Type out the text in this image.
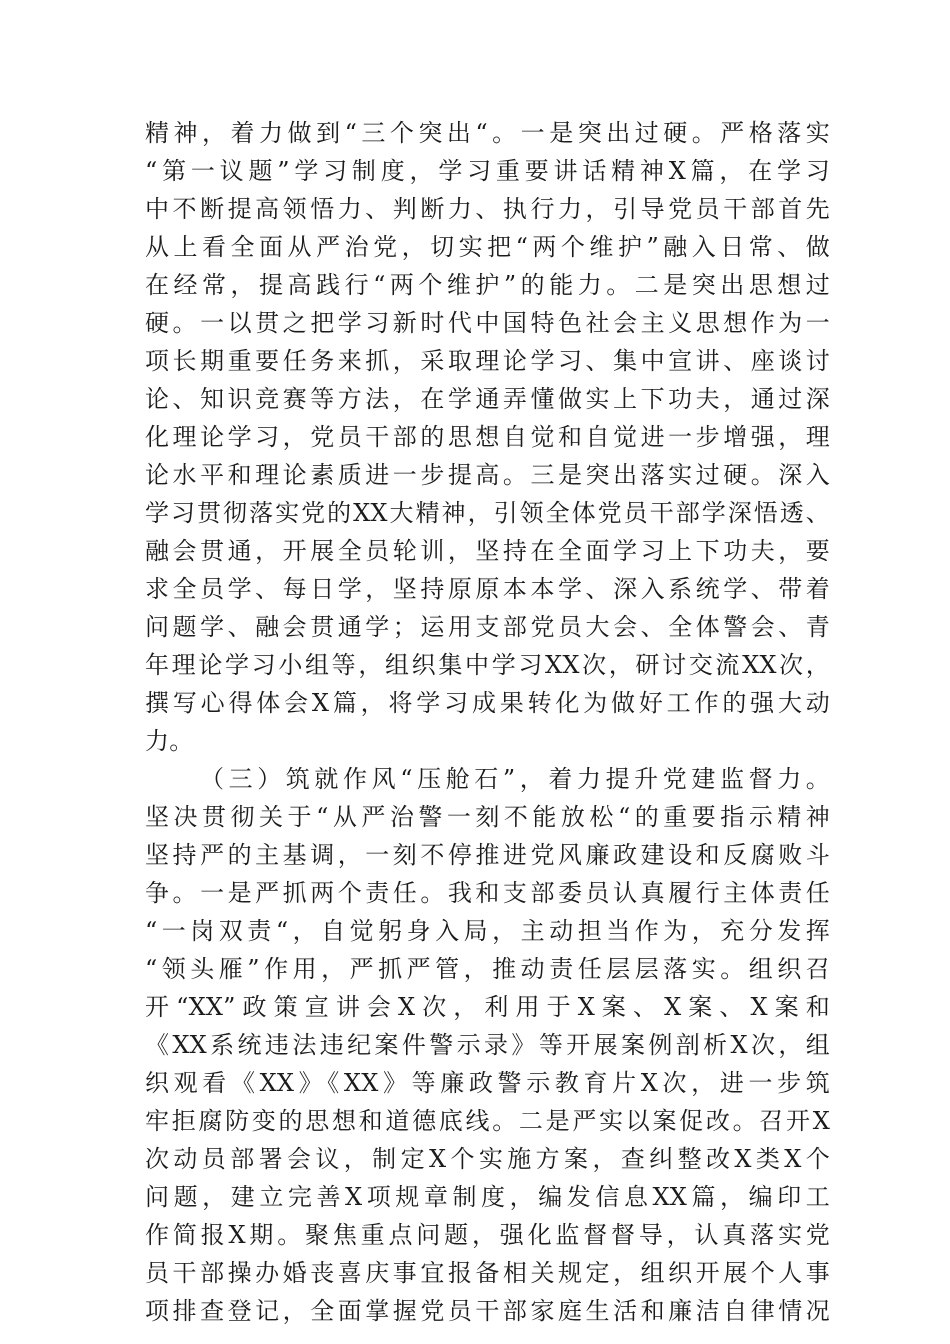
精神，着力做到“三个突出“。一是突出过硬。严格落实
“第一议题”学习制度，学习重要讲话精神X篇，在学习
中不断提高领悟力、判断力、执行力，引导党员干部首先
从上看全面从严治党，切实把“两个维护”融入日常、做
在经常，提高践行“两个维护”的能力。二是突出思想过
硬。一以贯之把学习新时代中国特色社会主义思想作为一
项长期重要任务来抓，采取理论学习、集中宣讲、座谈讨
论、知识竞赛等方法，在学通弄懂做实上下功夫，通过深
化理论学习，党员干部的思想自觉和自觉进一步增强，理
论水平和理论素质进一步提高。三是突出落实过硬。深入
学习贯彻落实党的XX大精神，引领全体党员干部学深悟透、
融会贯通，开展全员轮训，坚持在全面学习上下功夫，要
求全员学、每日学，坚持原原本本学、深入系统学、带着
问题学、融会贯通学；运用支部党员大会、全体警会、青
年理论学习小组等，组织集中学习XX次，研讨交流XX次，
撰写心得体会X篇，将学习成果转化为做好工作的强大动
力。
（三）筑就作风“压舱石”，着力提升党建监督力。
坚决贯彻关于“从严治警一刻不能放松“的重要指示精神
坚持严的主基调，一刻不停推进党风廉政建设和反腐败斗
争。一是严抓两个责任。我和支部委员认真履行主体责任
“一岗双责“，自觉躬身入局，主动担当作为，充分发挥
“领头雁”作用，严抓严管，推动责任层层落实。组织召
开“XX”政策宣讲会X次，利用于X案、X案、X案和
《XX系统违法违纪案件警示录》等开展案例剖析X次，组
织观看《XX》《XX》等廉政警示教育片X次，进一步筑
牢拒腐防变的思想和道德底线。二是严实以案促改。召开X
次动员部署会议，制定X个实施方案，查纠整改X类X个
问题，建立完善X项规章制度，编发信息XX篇，编印工
作简报X期。聚焦重点问题，强化监督督导，认真落实党
员干部操办婚丧喜庆事宜报备相关规定，组织开展个人事
项排查登记，全面掌握党员干部家庭生活和廉洁自律情况
